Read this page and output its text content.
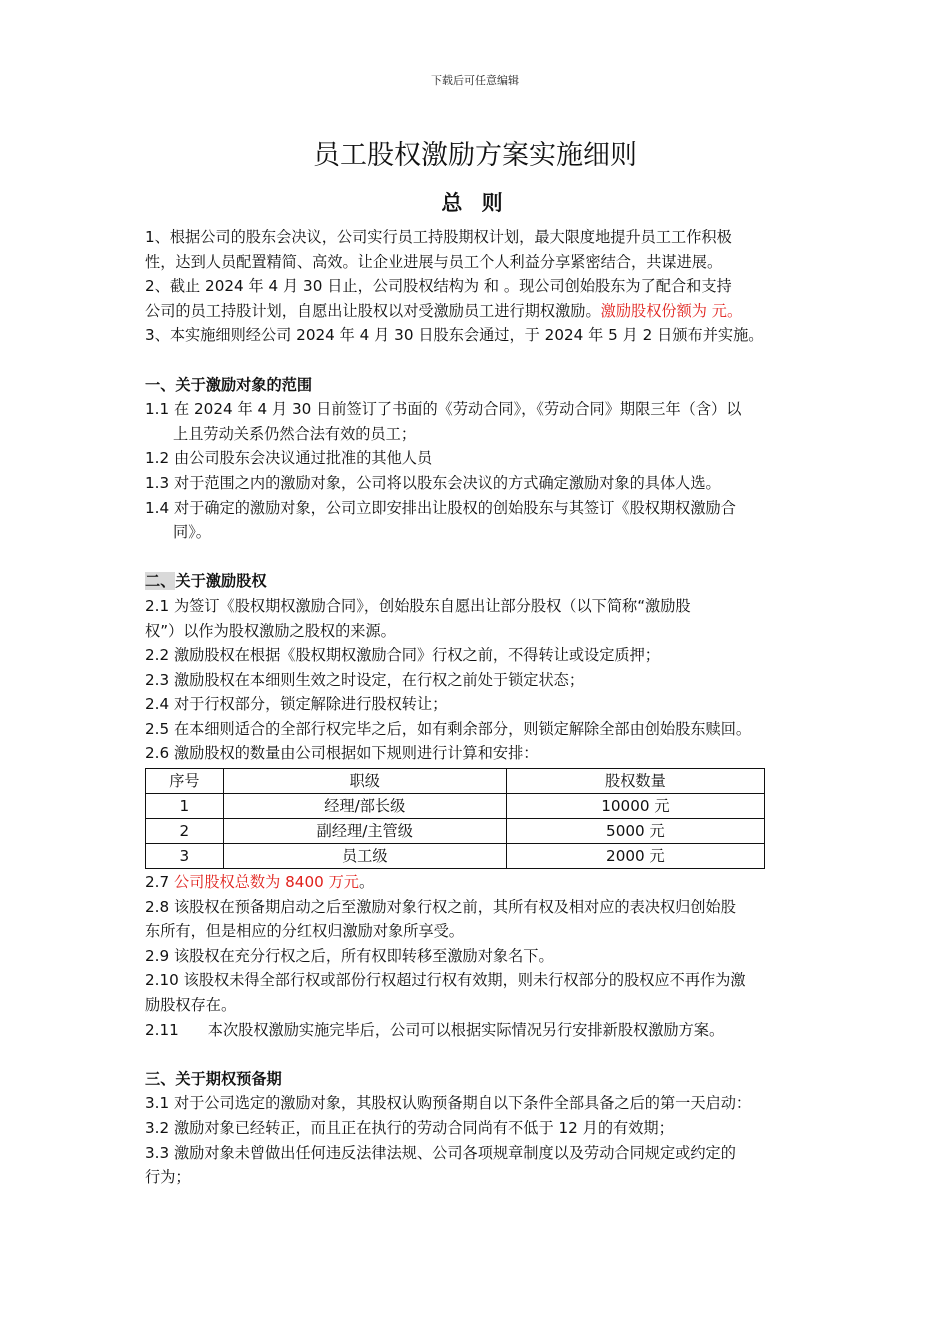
下载后可任意编辑
员工股权激励方案实施细则
总 则
1、根据公司的股东会决议，公司实行员工持股期权计划，最大限度地提升员工工作积极
性，达到人员配置精简、高效。让企业进展与员工个人利益分享紧密结合，共谋进展。
2、截止 2024 年 4 月 30 日止，公司股权结构为 和 。现公司创始股东为了配合和支持
公司的员工持股计划，自愿出让股权以对受激励员工进行期权激励。激励股权份额为 元。
3、本实施细则经公司 2024 年 4 月 30 日股东会通过，于 2024 年 5 月 2 日颁布并实施。
一、关于激励对象的范围
1.1 在 2024 年 4 月 30 日前签订了书面的《劳动合同》，《劳动合同》期限三年（含）以
上且劳动关系仍然合法有效的员工；
1.2 由公司股东会决议通过批准的其他人员
1.3 对于范围之内的激励对象，公司将以股东会决议的方式确定激励对象的具体人选。
1.4 对于确定的激励对象，公司立即安排出让股权的创始股东与其签订《股权期权激励合
同》。
二、关于激励股权
2.1 为签订《股权期权激励合同》，创始股东自愿出让部分股权（以下简称“激励股
权”）以作为股权激励之股权的来源。
2.2 激励股权在根据《股权期权激励合同》行权之前，不得转让或设定质押；
2.3 激励股权在本细则生效之时设定，在行权之前处于锁定状态；
2.4 对于行权部分，锁定解除进行股权转让；
2.5 在本细则适合的全部行权完毕之后，如有剩余部分，则锁定解除全部由创始股东赎回。
2.6 激励股权的数量由公司根据如下规则进行计算和安排：
序号	职级	股权数量
1	经理/部长级	10000 元
2	副经理/主管级	5000 元
3	员工级	2000 元
2.7 公司股权总数为 8400 万元。
2.8 该股权在预备期启动之后至激励对象行权之前，其所有权及相对应的表决权归创始股
东所有，但是相应的分红权归激励对象所享受。
2.9 该股权在充分行权之后，所有权即转移至激励对象名下。
2.10 该股权未得全部行权或部份行权超过行权有效期，则未行权部分的股权应不再作为激
励股权存在。
2.11      本次股权激励实施完毕后，公司可以根据实际情况另行安排新股权激励方案。
三、关于期权预备期
3.1 对于公司选定的激励对象，其股权认购预备期自以下条件全部具备之后的第一天启动：
3.2 激励对象已经转正，而且正在执行的劳动合同尚有不低于 12 月的有效期；
3.3 激励对象未曾做出任何违反法律法规、公司各项规章制度以及劳动合同规定或约定的
行为；
